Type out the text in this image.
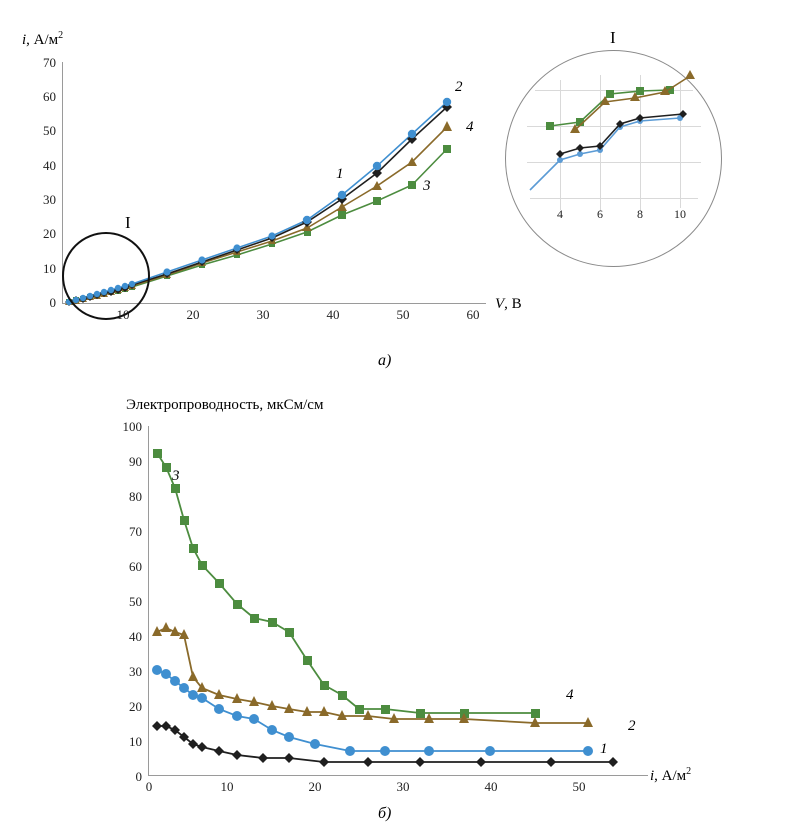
i, $А/м^2$
V, В
70
60
50
40
30
20
10
0
10	20	30	40	50	60
1
2
3
4
I
I
4	6	8	10
а)
Электропроводность, мкСм/см
100
90
80
70
60
50
40
30
20
10
0
0	10	20	30	40	50
i, $А/м^2$
3
4
1
2
б)
